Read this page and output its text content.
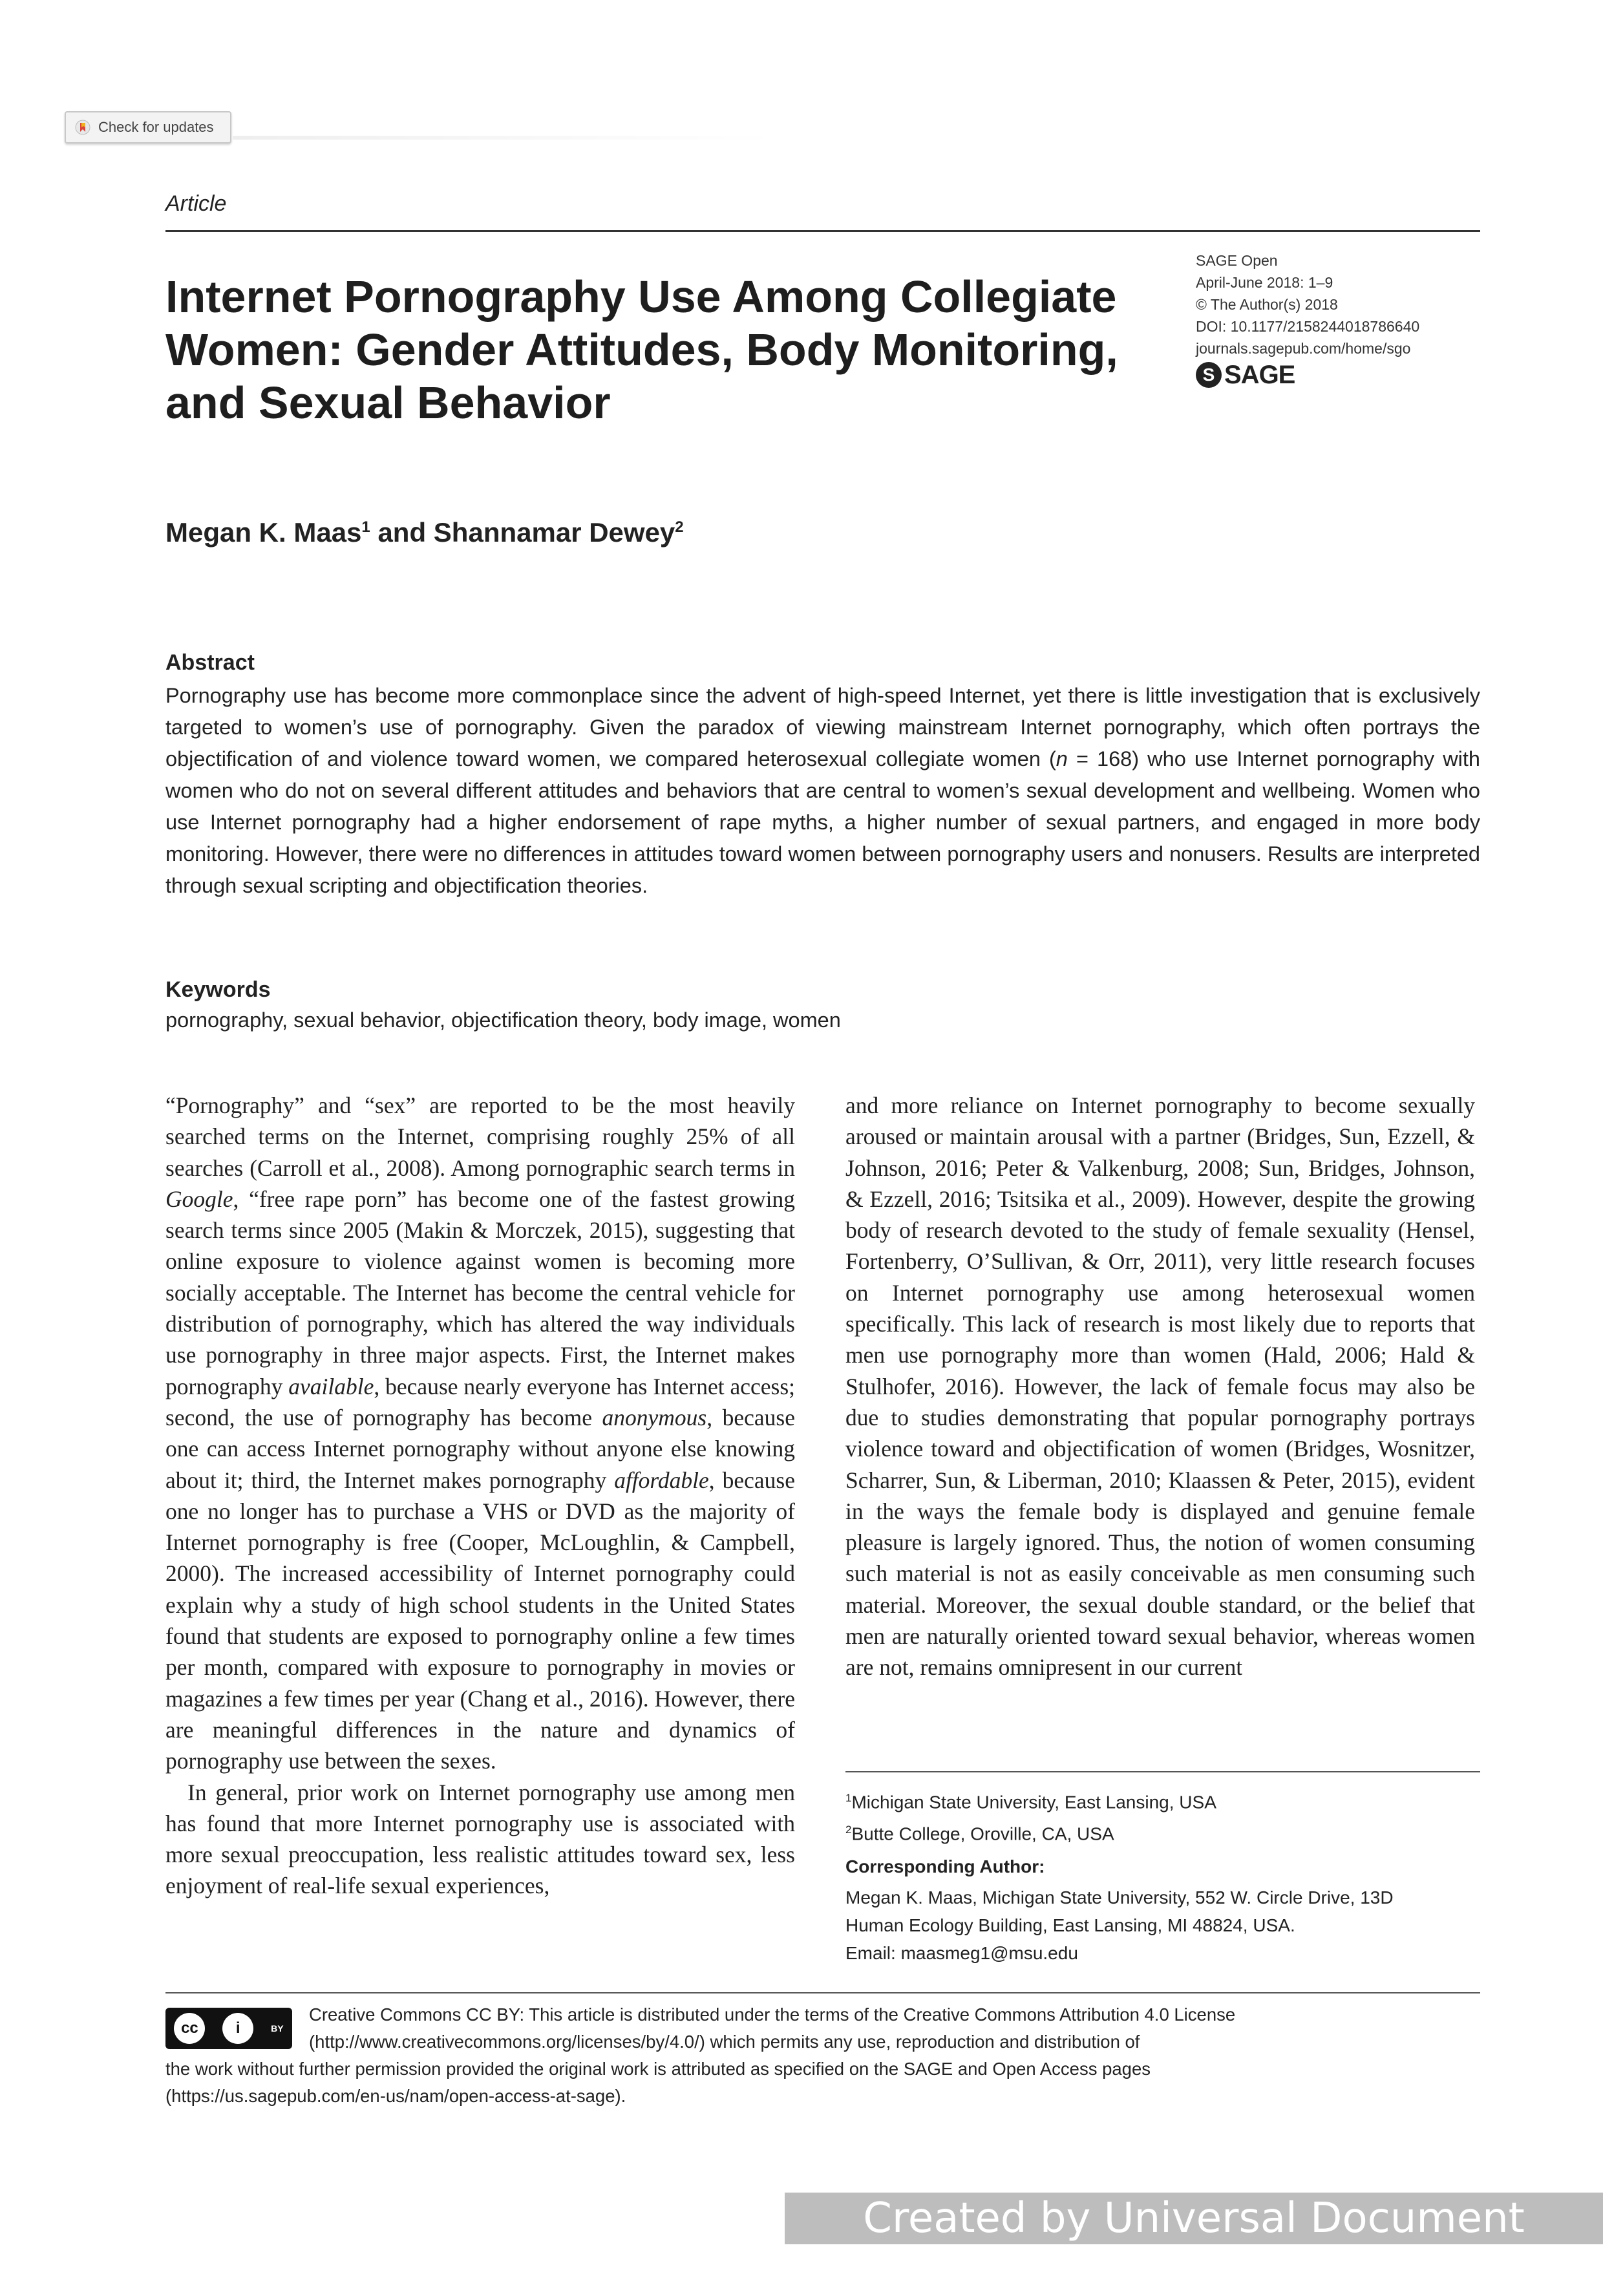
Check for updates
Article
Internet Pornography Use Among Collegiate Women: Gender Attitudes, Body Monitoring, and Sexual Behavior
SAGE Open
April-June 2018: 1–9
© The Author(s) 2018
DOI: 10.1177/2158244018786640
journals.sagepub.com/home/sgo
S SAGE
Megan K. Maas$^1$ and Shannamar Dewey$^2$
Abstract
Pornography use has become more commonplace since the advent of high-speed Internet, yet there is little investigation that is exclusively targeted to women’s use of pornography. Given the paradox of viewing mainstream Internet pornography, which often portrays the objectification of and violence toward women, we compared heterosexual collegiate women (n = 168) who use Internet pornography with women who do not on several different attitudes and behaviors that are central to women’s sexual development and wellbeing. Women who use Internet pornography had a higher endorsement of rape myths, a higher number of sexual partners, and engaged in more body monitoring. However, there were no differences in attitudes toward women between pornography users and nonusers. Results are interpreted through sexual scripting and objectification theories.
Keywords
pornography, sexual behavior, objectification theory, body image, women

“Pornography” and “sex” are reported to be the most heavily searched terms on the Internet, comprising roughly 25% of all searches (Carroll et al., 2008). Among pornographic search terms in Google, “free rape porn” has become one of the fastest growing search terms since 2005 (Makin & Morczek, 2015), suggesting that online exposure to violence against women is becoming more socially acceptable. The Internet has become the central vehicle for distribution of pornography, which has altered the way individuals use pornography in three major aspects. First, the Internet makes pornography available, because nearly everyone has Internet access; second, the use of pornography has become anonymous, because one can access Internet pornography without anyone else knowing about it; third, the Internet makes pornography affordable, because one no longer has to purchase a VHS or DVD as the majority of Internet pornography is free (Cooper, McLoughlin, & Campbell, 2000). The increased accessibility of Internet pornography could explain why a study of high school students in the United States found that students are exposed to pornography online a few times per month, compared with exposure to pornography in movies or magazines a few times per year (Chang et al., 2016). However, there are meaningful differences in the nature and dynamics of pornography use between the sexes.

In general, prior work on Internet pornography use among men has found that more Internet pornography use is associated with more sexual preoccupation, less realistic attitudes toward sex, less enjoyment of real-life sexual experiences,

and more reliance on Internet pornography to become sexually aroused or maintain arousal with a partner (Bridges, Sun, Ezzell, & Johnson, 2016; Peter & Valkenburg, 2008; Sun, Bridges, Johnson, & Ezzell, 2016; Tsitsika et al., 2009). However, despite the growing body of research devoted to the study of female sexuality (Hensel, Fortenberry, O’Sullivan, & Orr, 2011), very little research focuses on Internet pornography use among heterosexual women specifically. This lack of research is most likely due to reports that men use pornography more than women (Hald, 2006; Hald & Stulhofer, 2016). However, the lack of female focus may also be due to studies demonstrating that popular pornography portrays violence toward and objectification of women (Bridges, Wosnitzer, Scharrer, Sun, & Liberman, 2010; Klaassen & Peter, 2015), evident in the ways the female body is displayed and genuine female pleasure is largely ignored. Thus, the notion of women consuming such material is not as easily conceivable as men consuming such material. Moreover, the sexual double standard, or the belief that men are naturally oriented toward sexual behavior, whereas women are not, remains omnipresent in our current

$^1$Michigan State University, East Lansing, USA
$^2$Butte College, Oroville, CA, USA
Corresponding Author:
Megan K. Maas, Michigan State University, 552 W. Circle Drive, 13D
Human Ecology Building, East Lansing, MI 48824, USA.
Email: maasmeg1@msu.edu
cc	i	BY
Creative Commons CC BY: This article is distributed under the terms of the Creative Commons Attribution 4.0 License
(http://www.creativecommons.org/licenses/by/4.0/) which permits any use, reproduction and distribution of
the work without further permission provided the original work is attributed as specified on the SAGE and Open Access pages
(https://us.sagepub.com/en-us/nam/open-access-at-sage).
Created by Universal Document Converter
